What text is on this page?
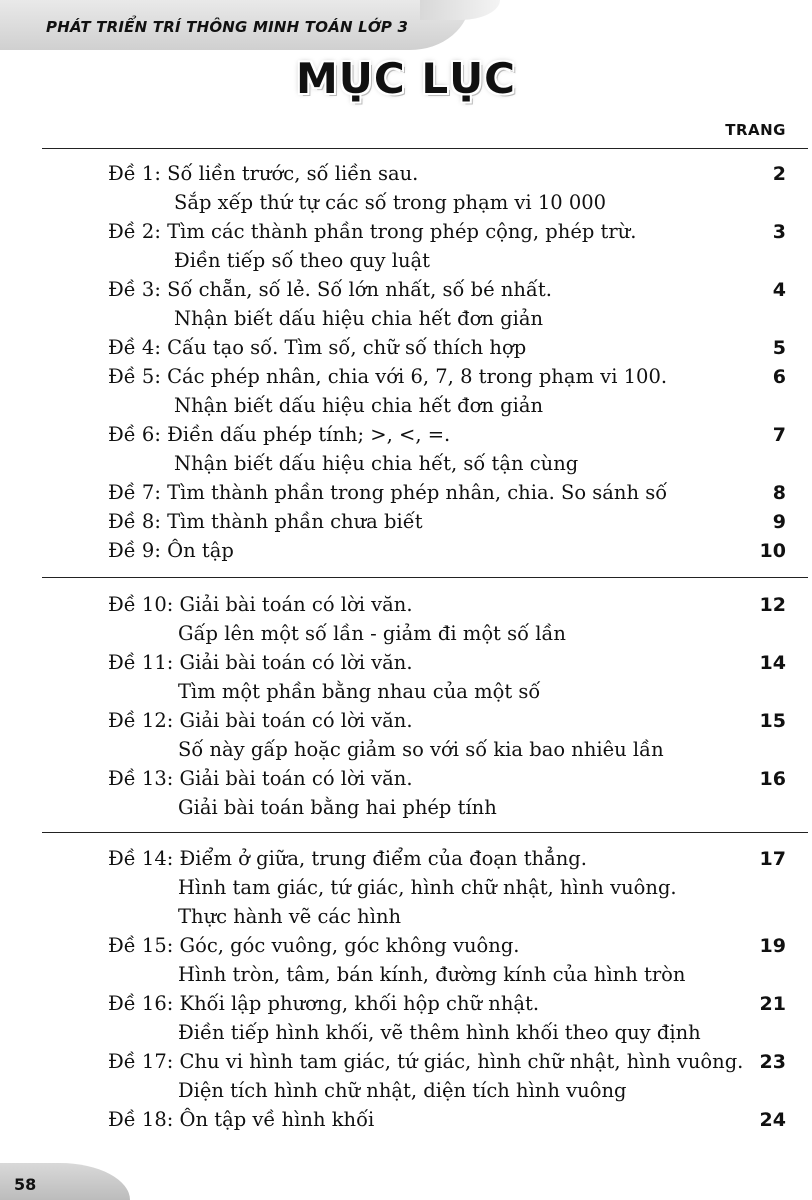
PHÁT TRIỂN TRÍ THÔNG MINH TOÁN LỚP 3
MỤC LỤC
TRANG
Đề 1: Số liền trước, số liền sau.	2
Sắp xếp thứ tự các số trong phạm vi 10 000
Đề 2: Tìm các thành phần trong phép cộng, phép trừ.	3
Điền tiếp số theo quy luật
Đề 3: Số chẵn, số lẻ. Số lớn nhất, số bé nhất.	4
Nhận biết dấu hiệu chia hết đơn giản
Đề 4: Cấu tạo số. Tìm số, chữ số thích hợp	5
Đề 5: Các phép nhân, chia với 6, 7, 8 trong phạm vi 100.	6
Nhận biết dấu hiệu chia hết đơn giản
Đề 6: Điền dấu phép tính; >, <, =.	7
Nhận biết dấu hiệu chia hết, số tận cùng
Đề 7: Tìm thành phần trong phép nhân, chia. So sánh số	8
Đề 8: Tìm thành phần chưa biết	9
Đề 9: Ôn tập	10
Đề 10: Giải bài toán có lời văn.	12
Gấp lên một số lần - giảm đi một số lần
Đề 11: Giải bài toán có lời văn.	14
Tìm một phần bằng nhau của một số
Đề 12: Giải bài toán có lời văn.	15
Số này gấp hoặc giảm so với số kia bao nhiêu lần
Đề 13: Giải bài toán có lời văn.	16
Giải bài toán bằng hai phép tính
Đề 14: Điểm ở giữa, trung điểm của đoạn thẳng.	17
Hình tam giác, tứ giác, hình chữ nhật, hình vuông.
Thực hành vẽ các hình
Đề 15: Góc, góc vuông, góc không vuông.	19
Hình tròn, tâm, bán kính, đường kính của hình tròn
Đề 16: Khối lập phương, khối hộp chữ nhật.	21
Điền tiếp hình khối, vẽ thêm hình khối theo quy định
Đề 17: Chu vi hình tam giác, tứ giác, hình chữ nhật, hình vuông. 23
Diện tích hình chữ nhật, diện tích hình vuông
Đề 18: Ôn tập về hình khối	24
58
